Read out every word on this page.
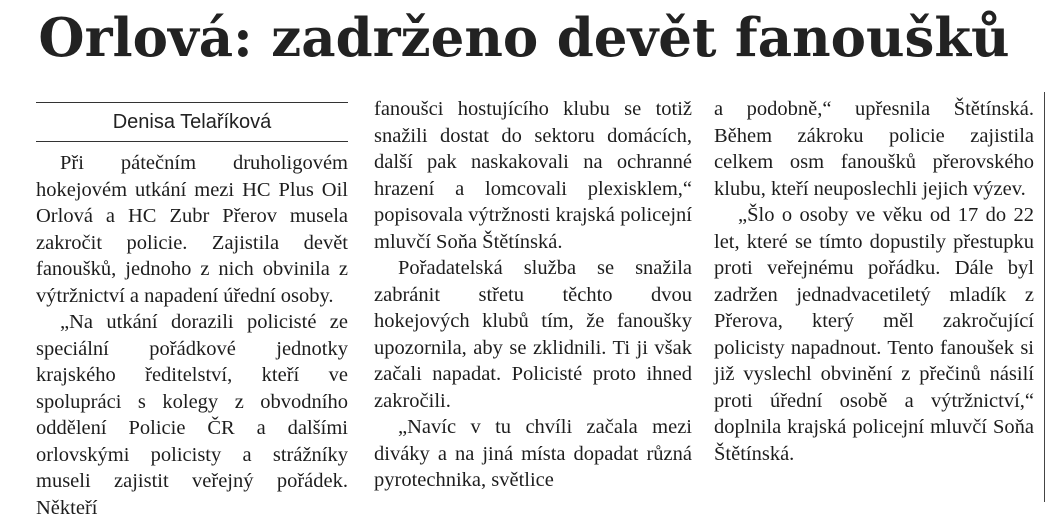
Orlová: zadrženo devět fanoušků
Denisa Telaříková

Při pátečním druholigovém hokejovém utkání mezi HC Plus Oil Orlová a HC Zubr Přerov musela zakročit policie. Zajistila devět fanoušků, jednoho z nich obvinila z výtržnictví a napadení úřední osoby.

„Na utkání dorazili policisté ze speciální pořádkové jednotky krajského ředitelství, kteří ve spolupráci s kolegy z obvodního oddělení Policie ČR a dalšími orlovskými policisty a strážníky museli zajistit veřejný pořádek. Někteří

fanoušci hostujícího klubu se totiž snažili dostat do sektoru domácích, další pak naskakovali na ochranné hrazení a lomcovali plexisklem,“ popisovala výtržnosti krajská policejní mluvčí Soňa Štětínská.

Pořadatelská služba se snažila zabránit střetu těchto dvou hokejových klubů tím, že fanoušky upozornila, aby se zklidnili. Ti ji však začali napadat. Policisté proto ihned zakročili.

„Navíc v tu chvíli začala mezi diváky a na jiná místa dopadat různá pyrotechnika, světlice

a podobně,“ upřesnila Štětínská. Během zákroku policie zajistila celkem osm fanoušků přerovského klubu, kteří neuposlechli jejich výzev.

„Šlo o osoby ve věku od 17 do 22 let, které se tímto dopustily přestupku proti veřejnému pořádku. Dále byl zadržen jednadvacetiletý mladík z Přerova, který měl zakročující policisty napadnout. Tento fanoušek si již vyslechl obvinění z přečinů násilí proti úřední osobě a výtržnictví,“ doplnila krajská policejní mluvčí Soňa Štětínská.
